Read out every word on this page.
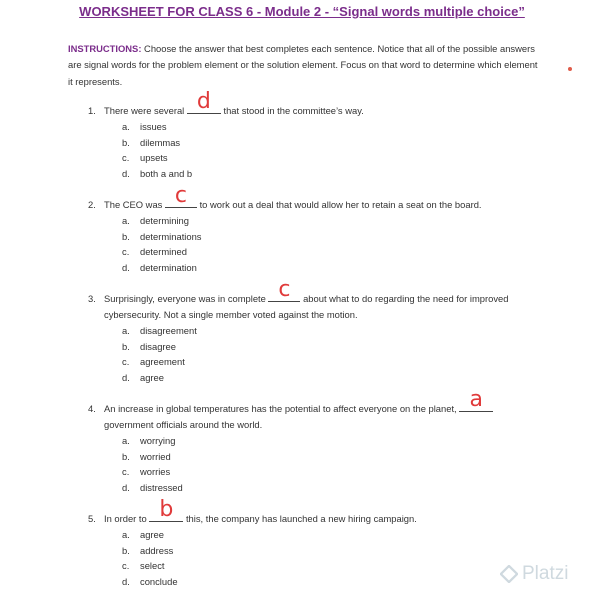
WORKSHEET FOR CLASS 6 - Module 2 - “Signal words multiple choice”
INSTRUCTIONS: Choose the answer that best completes each sentence. Notice that all of the possible answers are signal words for the problem element or the solution element. Focus on that word to determine which element it represents.
1. There were several d that stood in the committee’s way.
a. issues
b. dilemmas
c. upsets
d. both a and b
2. The CEO was c to work out a deal that would allow her to retain a seat on the board.
a. determining
b. determinations
c. determined
d. determination
3. Surprisingly, everyone was in complete c about what to do regarding the need for improved cybersecurity. Not a single member voted against the motion.
a. disagreement
b. disagree
c. agreement
d. agree
4. An increase in global temperatures has the potential to affect everyone on the planet, a
government officials around the world.
a. worrying
b. worried
c. worries
d. distressed
5. In order to b this, the company has launched a new hiring campaign.
a. agree
b. address
c. select
d. conclude	Platzi
